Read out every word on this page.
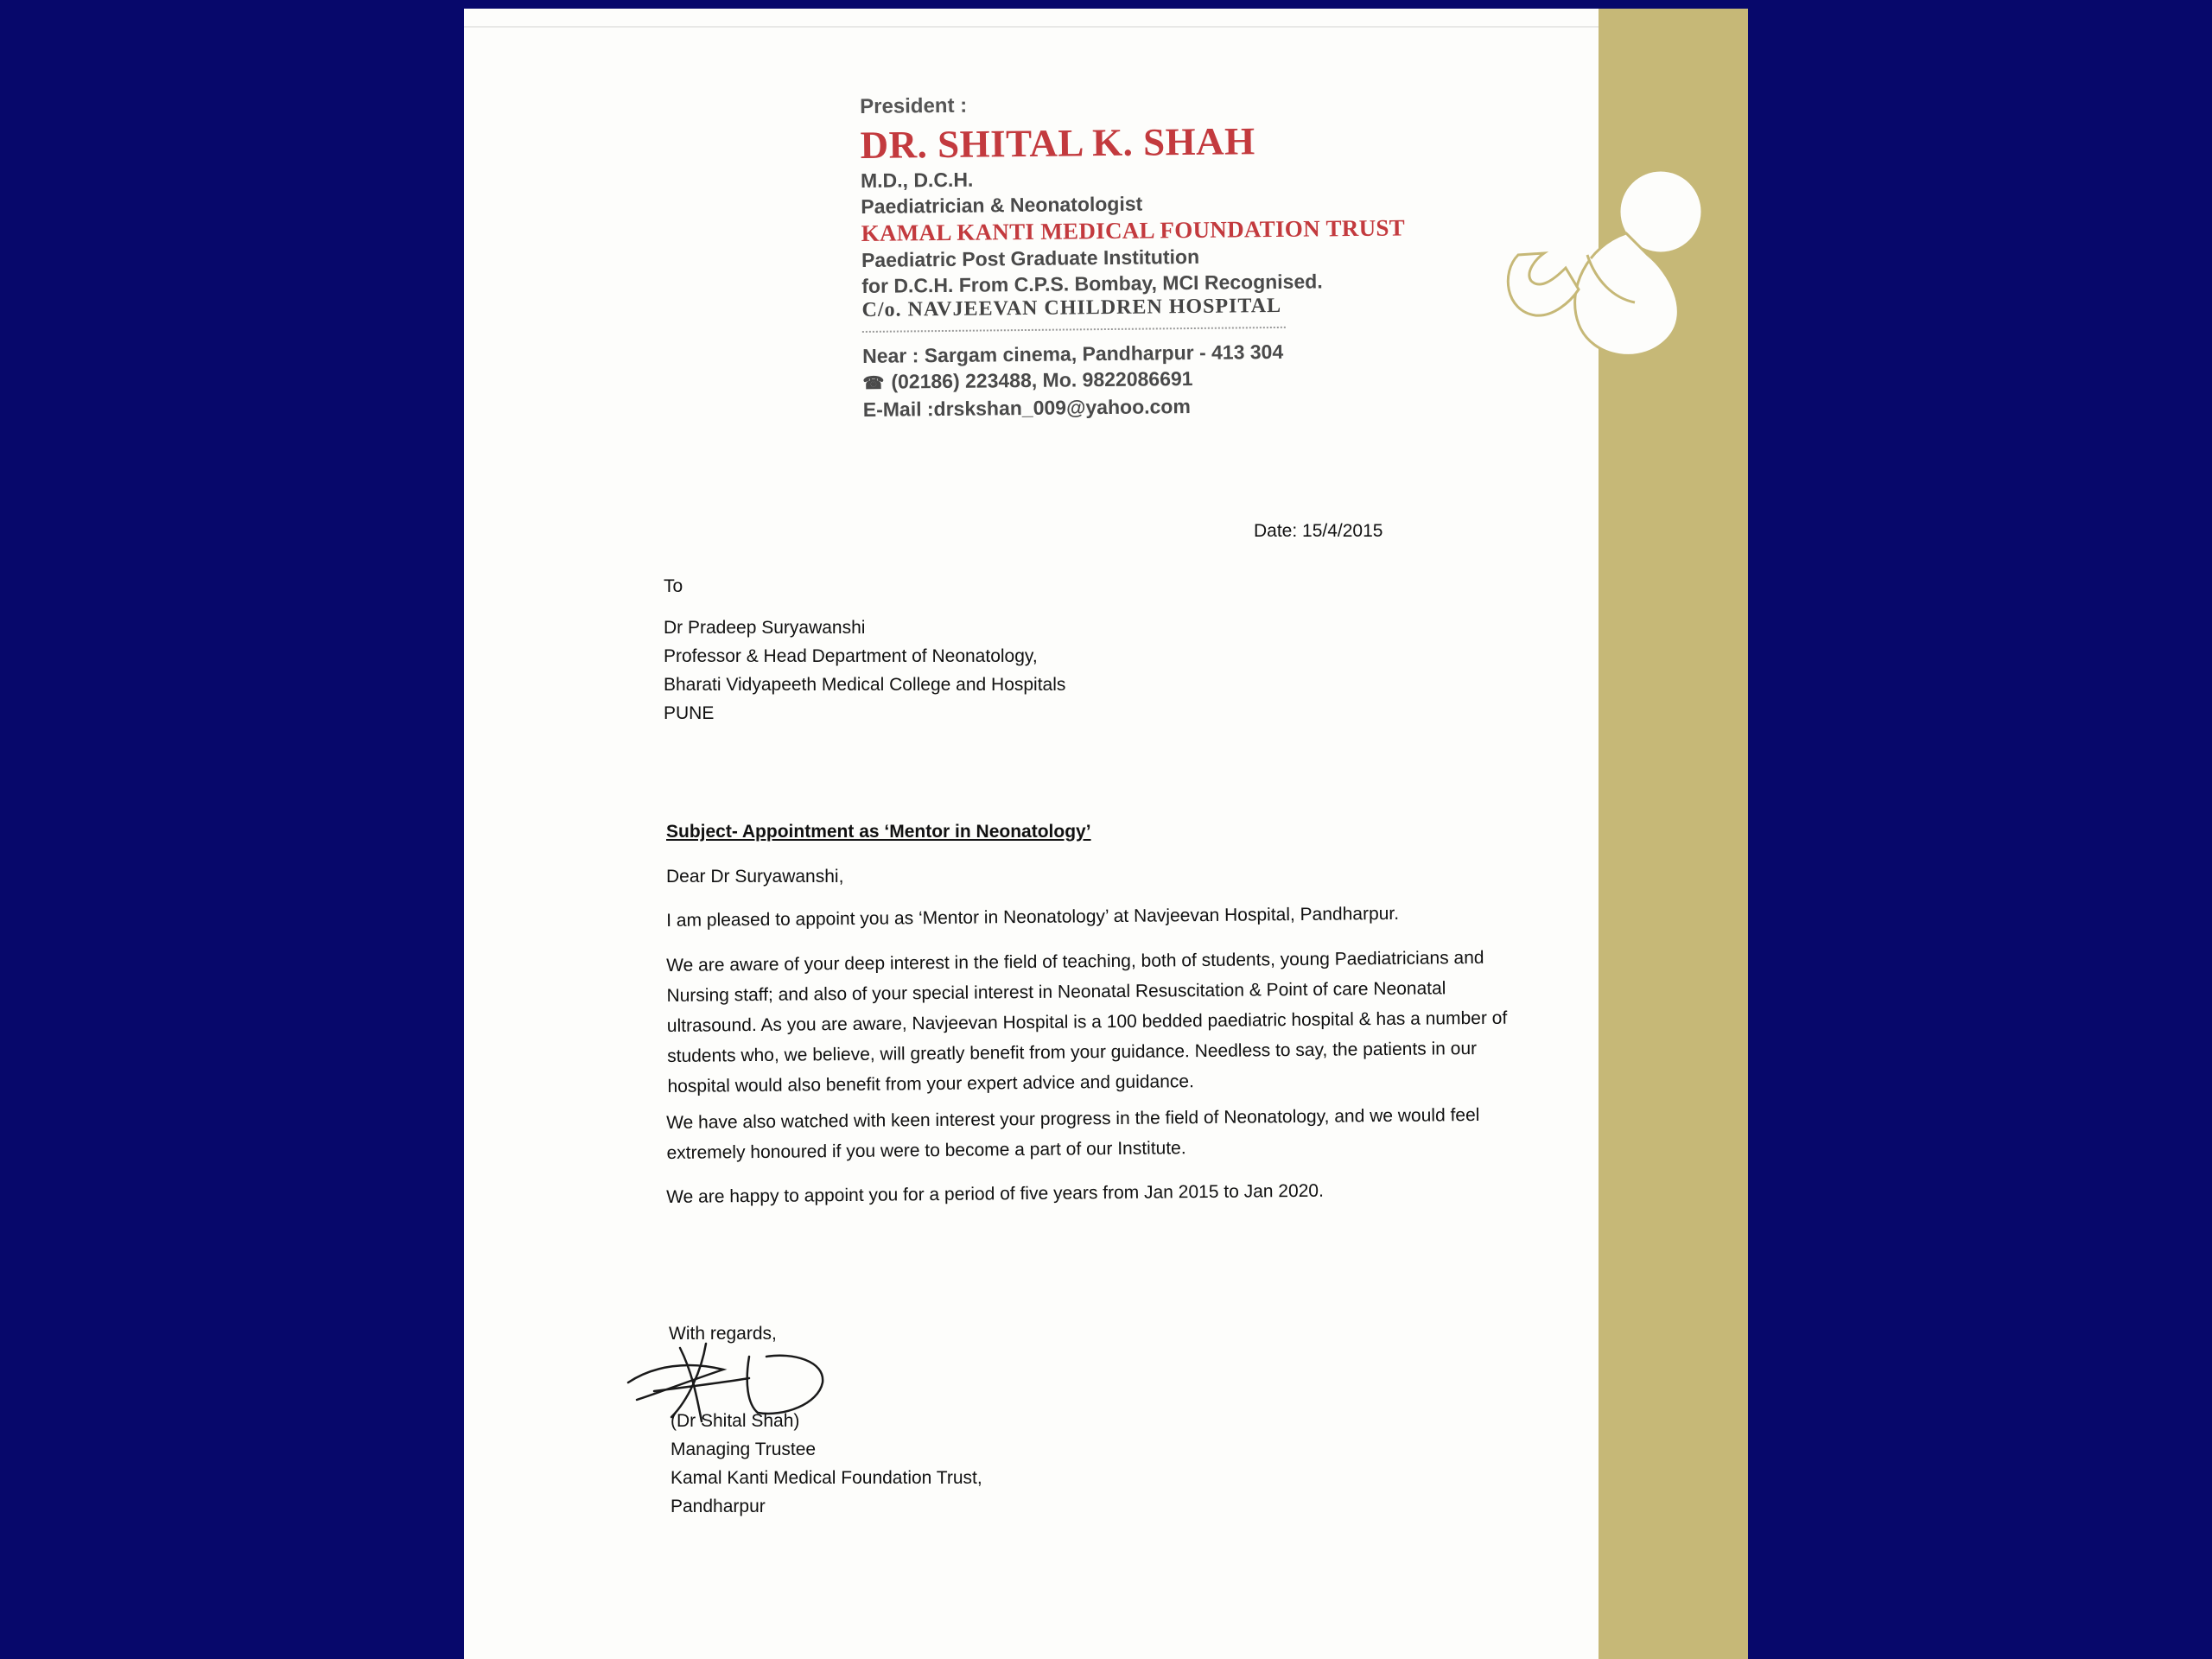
President :
DR. SHITAL K. SHAH
M.D., D.C.H.
Paediatrician & Neonatologist
KAMAL KANTI MEDICAL FOUNDATION TRUST
Paediatric Post Graduate Institution
for D.C.H. From C.P.S. Bombay, MCI Recognised.
C/o. NAVJEEVAN CHILDREN HOSPITAL
Near : Sargam cinema, Pandharpur - 413 304
☎ (02186) 223488, Mo. 9822086691
E-Mail :drskshan_009@yahoo.com
Date: 15/4/2015
To
Dr Pradeep Suryawanshi
Professor & Head Department of Neonatology,
Bharati Vidyapeeth Medical College and Hospitals
PUNE
Subject- Appointment as ‘Mentor in Neonatology’
Dear Dr Suryawanshi,
I am pleased to appoint you as ‘Mentor in Neonatology’ at Navjeevan Hospital, Pandharpur.
We are aware of your deep interest in the field of teaching, both of students, young Paediatricians and Nursing staff; and also of your special interest in Neonatal Resuscitation & Point of care Neonatal ultrasound. As you are aware, Navjeevan Hospital is a 100 bedded paediatric hospital & has a number of students who, we believe, will greatly benefit from your guidance. Needless to say, the patients in our hospital would also benefit from your expert advice and guidance.
We have also watched with keen interest your progress in the field of Neonatology, and we would feel extremely honoured if you were to become a part of our Institute.
We are happy to appoint you for a period of five years from Jan 2015 to Jan 2020.
With regards,
(Dr Shital Shah)
Managing Trustee
Kamal Kanti Medical Foundation Trust,
Pandharpur
